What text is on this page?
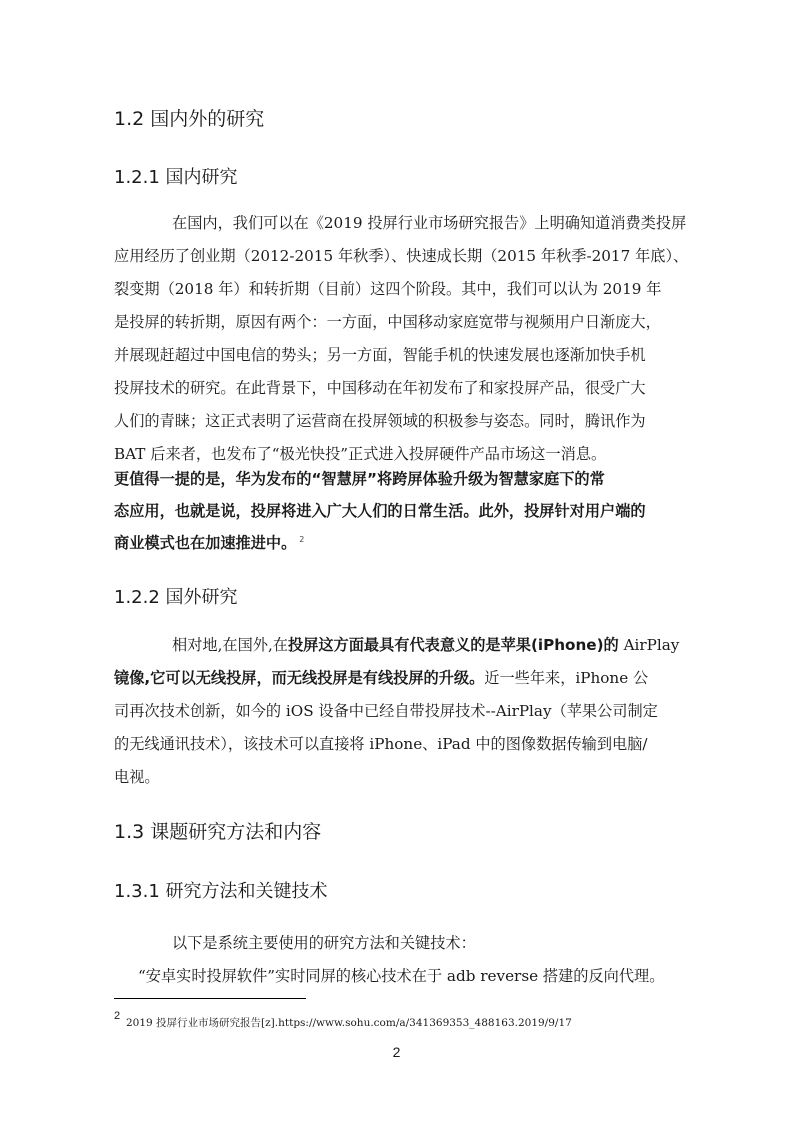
1.2 国内外的研究
1.2.1 国内研究
在国内，我们可以在《2019 投屏行业市场研究报告》上明确知道消费类投屏
应用经历了创业期（2012-2015 年秋季）、快速成长期（2015 年秋季-2017 年底）、
裂变期（2018 年）和转折期（目前）这四个阶段。其中，我们可以认为 2019 年
是投屏的转折期，原因有两个：一方面，中国移动家庭宽带与视频用户日渐庞大，
并展现赶超过中国电信的势头；另一方面，智能手机的快速发展也逐渐加快手机
投屏技术的研究。在此背景下，中国移动在年初发布了和家投屏产品，很受广大
人们的青睐；这正式表明了运营商在投屏领域的积极参与姿态。同时，腾讯作为
BAT 后来者，也发布了“极光快投”正式进入投屏硬件产品市场这一消息。
更值得一提的是，华为发布的“智慧屏”将跨屏体验升级为智慧家庭下的常
态应用，也就是说，投屏将进入广大人们的日常生活。此外，投屏针对用户端的
商业模式也在加速推进中。 $^2$
1.2.2 国外研究
相对地,在国外,在投屏这方面最具有代表意义的是苹果(iPhone)的 AirPlay
镜像,它可以无线投屏，而无线投屏是有线投屏的升级。近一些年来，iPhone 公
司再次技术创新，如今的 iOS 设备中已经自带投屏技术--AirPlay（苹果公司制定
的无线通讯技术），该技术可以直接将 iPhone、iPad 中的图像数据传输到电脑/
电视。
1.3 课题研究方法和内容
1.3.1 研究方法和关键技术
以下是系统主要使用的研究方法和关键技术：
“安卓实时投屏软件”实时同屏的核心技术在于 adb reverse 搭建的反向代理。
2
2019 投屏行业市场研究报告[z].https://www.sohu.com/a/341369353_488163.2019/9/17
2
